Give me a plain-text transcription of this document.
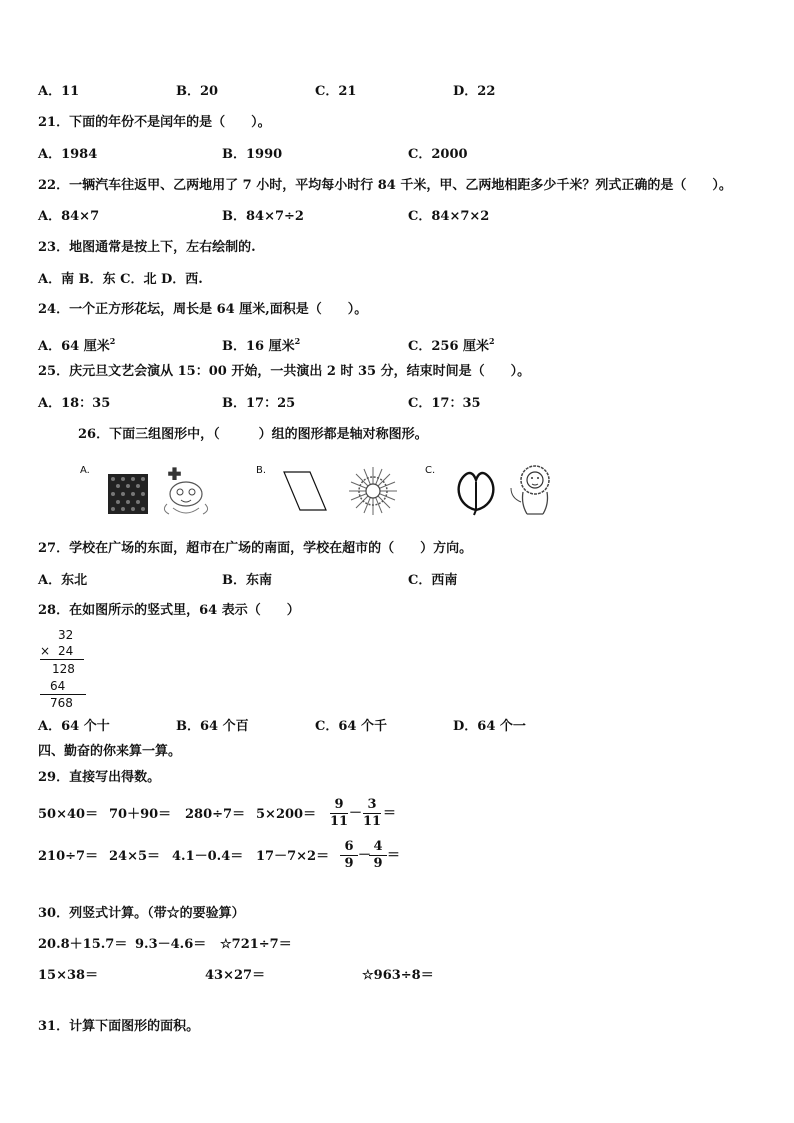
A．11	B．20	C．21	D．22
21．下面的年份不是闰年的是（　　）。
A．1984	B．1990	C．2000
22．一辆汽车往返甲、乙两地用了 7 小时，平均每小时行 84 千米，甲、乙两地相距多少千米？列式正确的是（　　）。
A．84×7	B．84×7÷2	C．84×7×2
23．地图通常是按上下，左右绘制的.
A．南 B．东 C．北 D．西.
24．一个正方形花坛，周长是 64 厘米,面积是（　　）。
A．64 厘米$^2$	B．16 厘米$^2$	C．256 厘米$^2$
25．庆元旦文艺会演从 15：00 开始，一共演出 2 时 35 分，结束时间是（　　）。
A．18：35	B．17：25	C．17：35
26．下面三组图形中，（　　　）组的图形都是轴对称图形。
A.	B.	C.
27．学校在广场的东面，超市在广场的南面，学校在超市的（　　）方向。
A．东北	B．东南	C．西南
28．在如图所示的竖式里，64 表示（　　）
32
× 24
128
64
768
A．64 个十	B．64 个百	C．64 个千	D．64 个一
四、勤奋的你来算一算。
29．直接写出得数。
$50\times 40= 70+90= 280\div 7= 5\times 200= \frac{9}{11} - \frac{3}{11}$ ＝
$210\div 7= 24\times 5= 4.1-0.4= 17-7\times 2= \frac{6}{9}$ －
$\frac{4}{9}$ ＝
30．列竖式计算。（带☆的要验算）
20.8＋15.7＝ 9.3－4.6＝ ☆721÷7＝
15×38＝	43×27＝	☆963÷8＝
31．计算下面图形的面积。
